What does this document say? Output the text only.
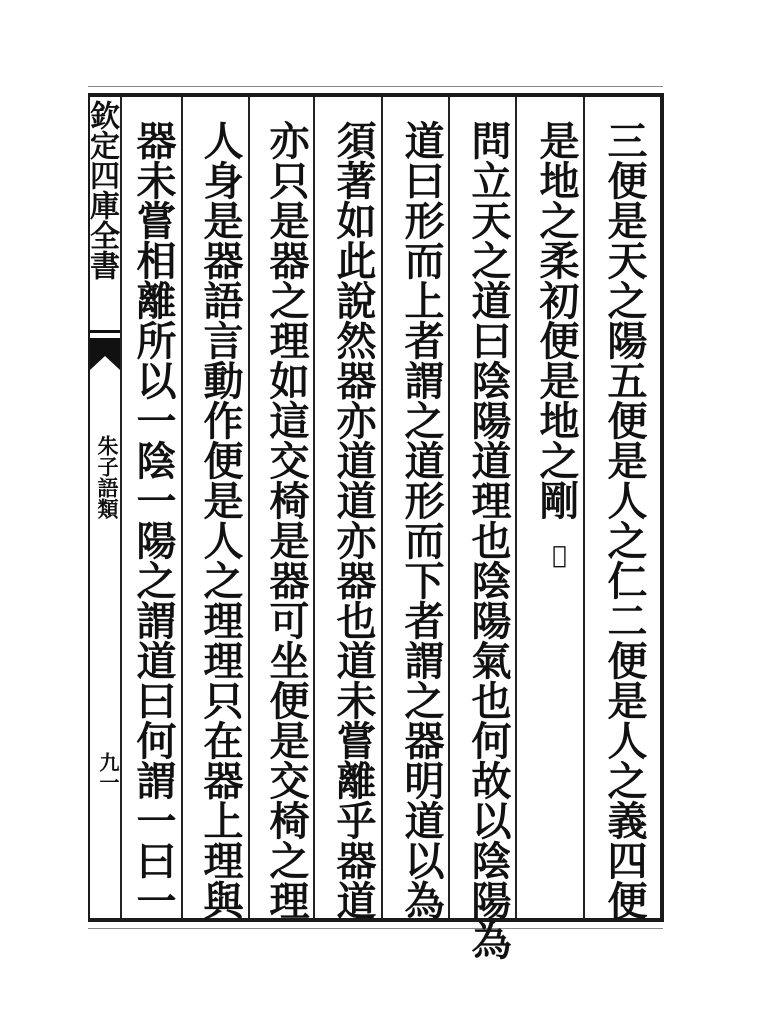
欽定四庫全書
朱子語類
九一	三便是天之陽五便是人之仁二便是人之義四便
是地之柔初便是地之剛
𧨕
問立天之道曰陰陽道理也陰陽氣也何故以陰陽為
道曰形而上者謂之道形而下者謂之器明道以為
須著如此說然器亦道道亦器也道未嘗離乎器道
亦只是器之理如這交椅是器可坐便是交椅之理
人身是器語言動作便是人之理理只在器上理與
器未嘗相離所以一陰一陽之謂道曰何謂一曰一
